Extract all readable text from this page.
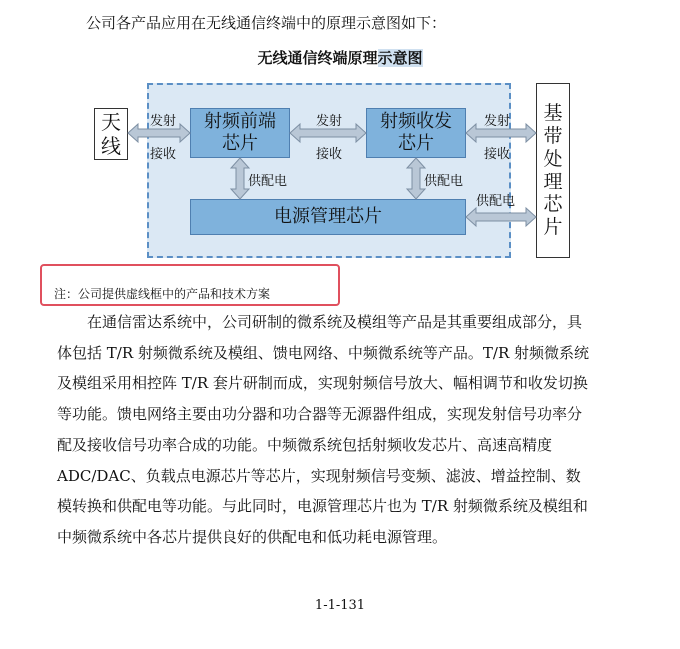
公司各产品应用在无线通信终端中的原理示意图如下：
无线通信终端原理示意图
天
线
基
带
处
理
芯
片
射频前端
芯片
射频收发
芯片
电源管理芯片
发射
接收
发射
接收
发射
接收
供配电	供配电
供配电
注：公司提供虚线框中的产品和技术方案
在通信雷达系统中，公司研制的微系统及模组等产品是其重要组成部分，具
体包括 T/R 射频微系统及模组、馈电网络、中频微系统等产品。T/R 射频微系统
及模组采用相控阵 T/R 套片研制而成，实现射频信号放大、幅相调节和收发切换
等功能。馈电网络主要由功分器和功合器等无源器件组成，实现发射信号功率分
配及接收信号功率合成的功能。中频微系统包括射频收发芯片、高速高精度
ADC/DAC、负载点电源芯片等芯片，实现射频信号变频、滤波、增益控制、数
模转换和供配电等功能。与此同时，电源管理芯片也为 T/R 射频微系统及模组和
中频微系统中各芯片提供良好的供配电和低功耗电源管理。
1-1-131
